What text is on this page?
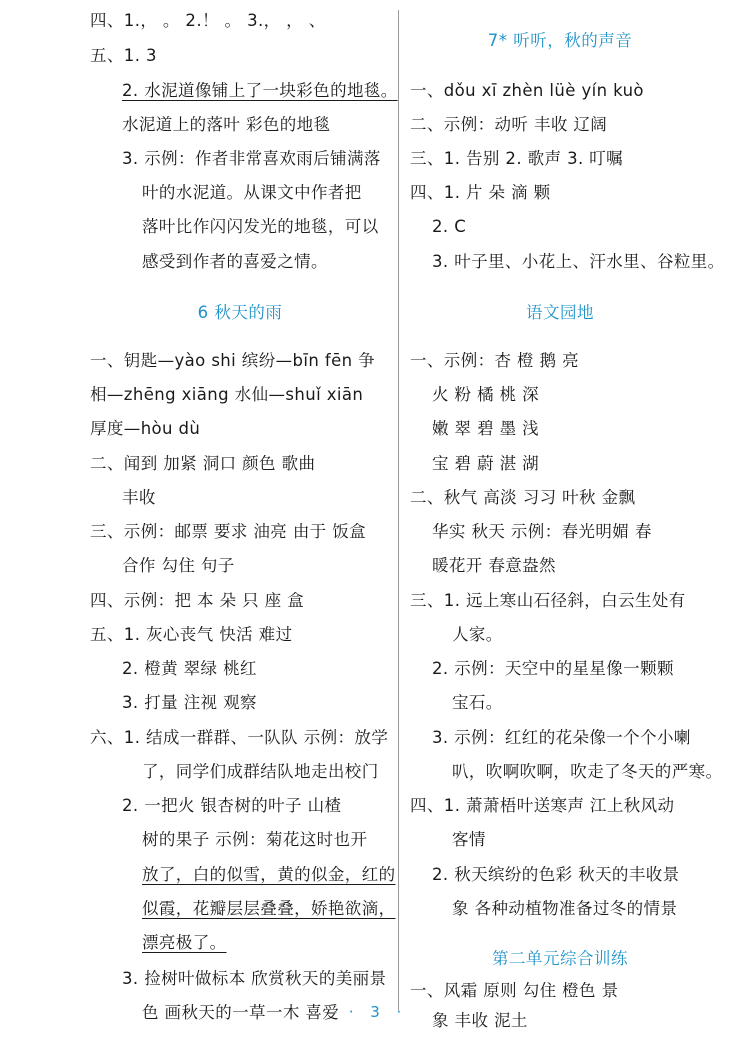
四、1.， 。 2.！ 。 3.， ， 、
五、1. 3
2. 水泥道像铺上了一块彩色的地毯。
水泥道上的落叶 彩色的地毯
3. 示例：作者非常喜欢雨后铺满落
叶的水泥道。从课文中作者把
落叶比作闪闪发光的地毯，可以
感受到作者的喜爱之情。
6 秋天的雨
一、钥匙—yào shi 缤纷—bīn fēn 争
相—zhēng xiāng 水仙—shuǐ xiān
厚度—hòu dù
二、闻到 加紧 洞口 颜色 歌曲
丰收
三、示例：邮票 要求 油亮 由于 饭盒
合作 勾住 句子
四、示例：把 本 朵 只 座 盒
五、1. 灰心丧气 快活 难过
2. 橙黄 翠绿 桃红
3. 打量 注视 观察
六、1. 结成一群群、一队队 示例：放学
了，同学们成群结队地走出校门
2. 一把火 银杏树的叶子 山楂
树的果子 示例：菊花这时也开
放了，白的似雪，黄的似金，红的
似霞，花瓣层层叠叠，娇艳欲滴，
漂亮极了。
3. 捡树叶做标本 欣赏秋天的美丽景
色 画秋天的一草一木 喜爱
7* 听听，秋的声音
一、dǒu xī zhèn lüè yín kuò
二、示例：动听 丰收 辽阔
三、1. 告别 2. 歌声 3. 叮嘱
四、1. 片 朵 滴 颗
2. C
3. 叶子里、小花上、汗水里、谷粒里。
语文园地
一、示例：杏 橙 鹅 亮
火 粉 橘 桃 深
嫩 翠 碧 墨 浅
宝 碧 蔚 湛 湖
二、秋气 高淡 习习 叶秋 金飘
华实 秋天 示例：春光明媚 春
暖花开 春意盎然
三、1. 远上寒山石径斜，白云生处有
人家。
2. 示例：天空中的星星像一颗颗
宝石。
3. 示例：红红的花朵像一个个小喇
叭，吹啊吹啊，吹走了冬天的严寒。
四、1. 萧萧梧叶送寒声 江上秋风动
客情
2. 秋天缤纷的色彩 秋天的丰收景
象 各种动植物准备过冬的情景
第二单元综合训练
一、风霜 原则 勾住 橙色 景
象 丰收 泥土
· 3 ·
